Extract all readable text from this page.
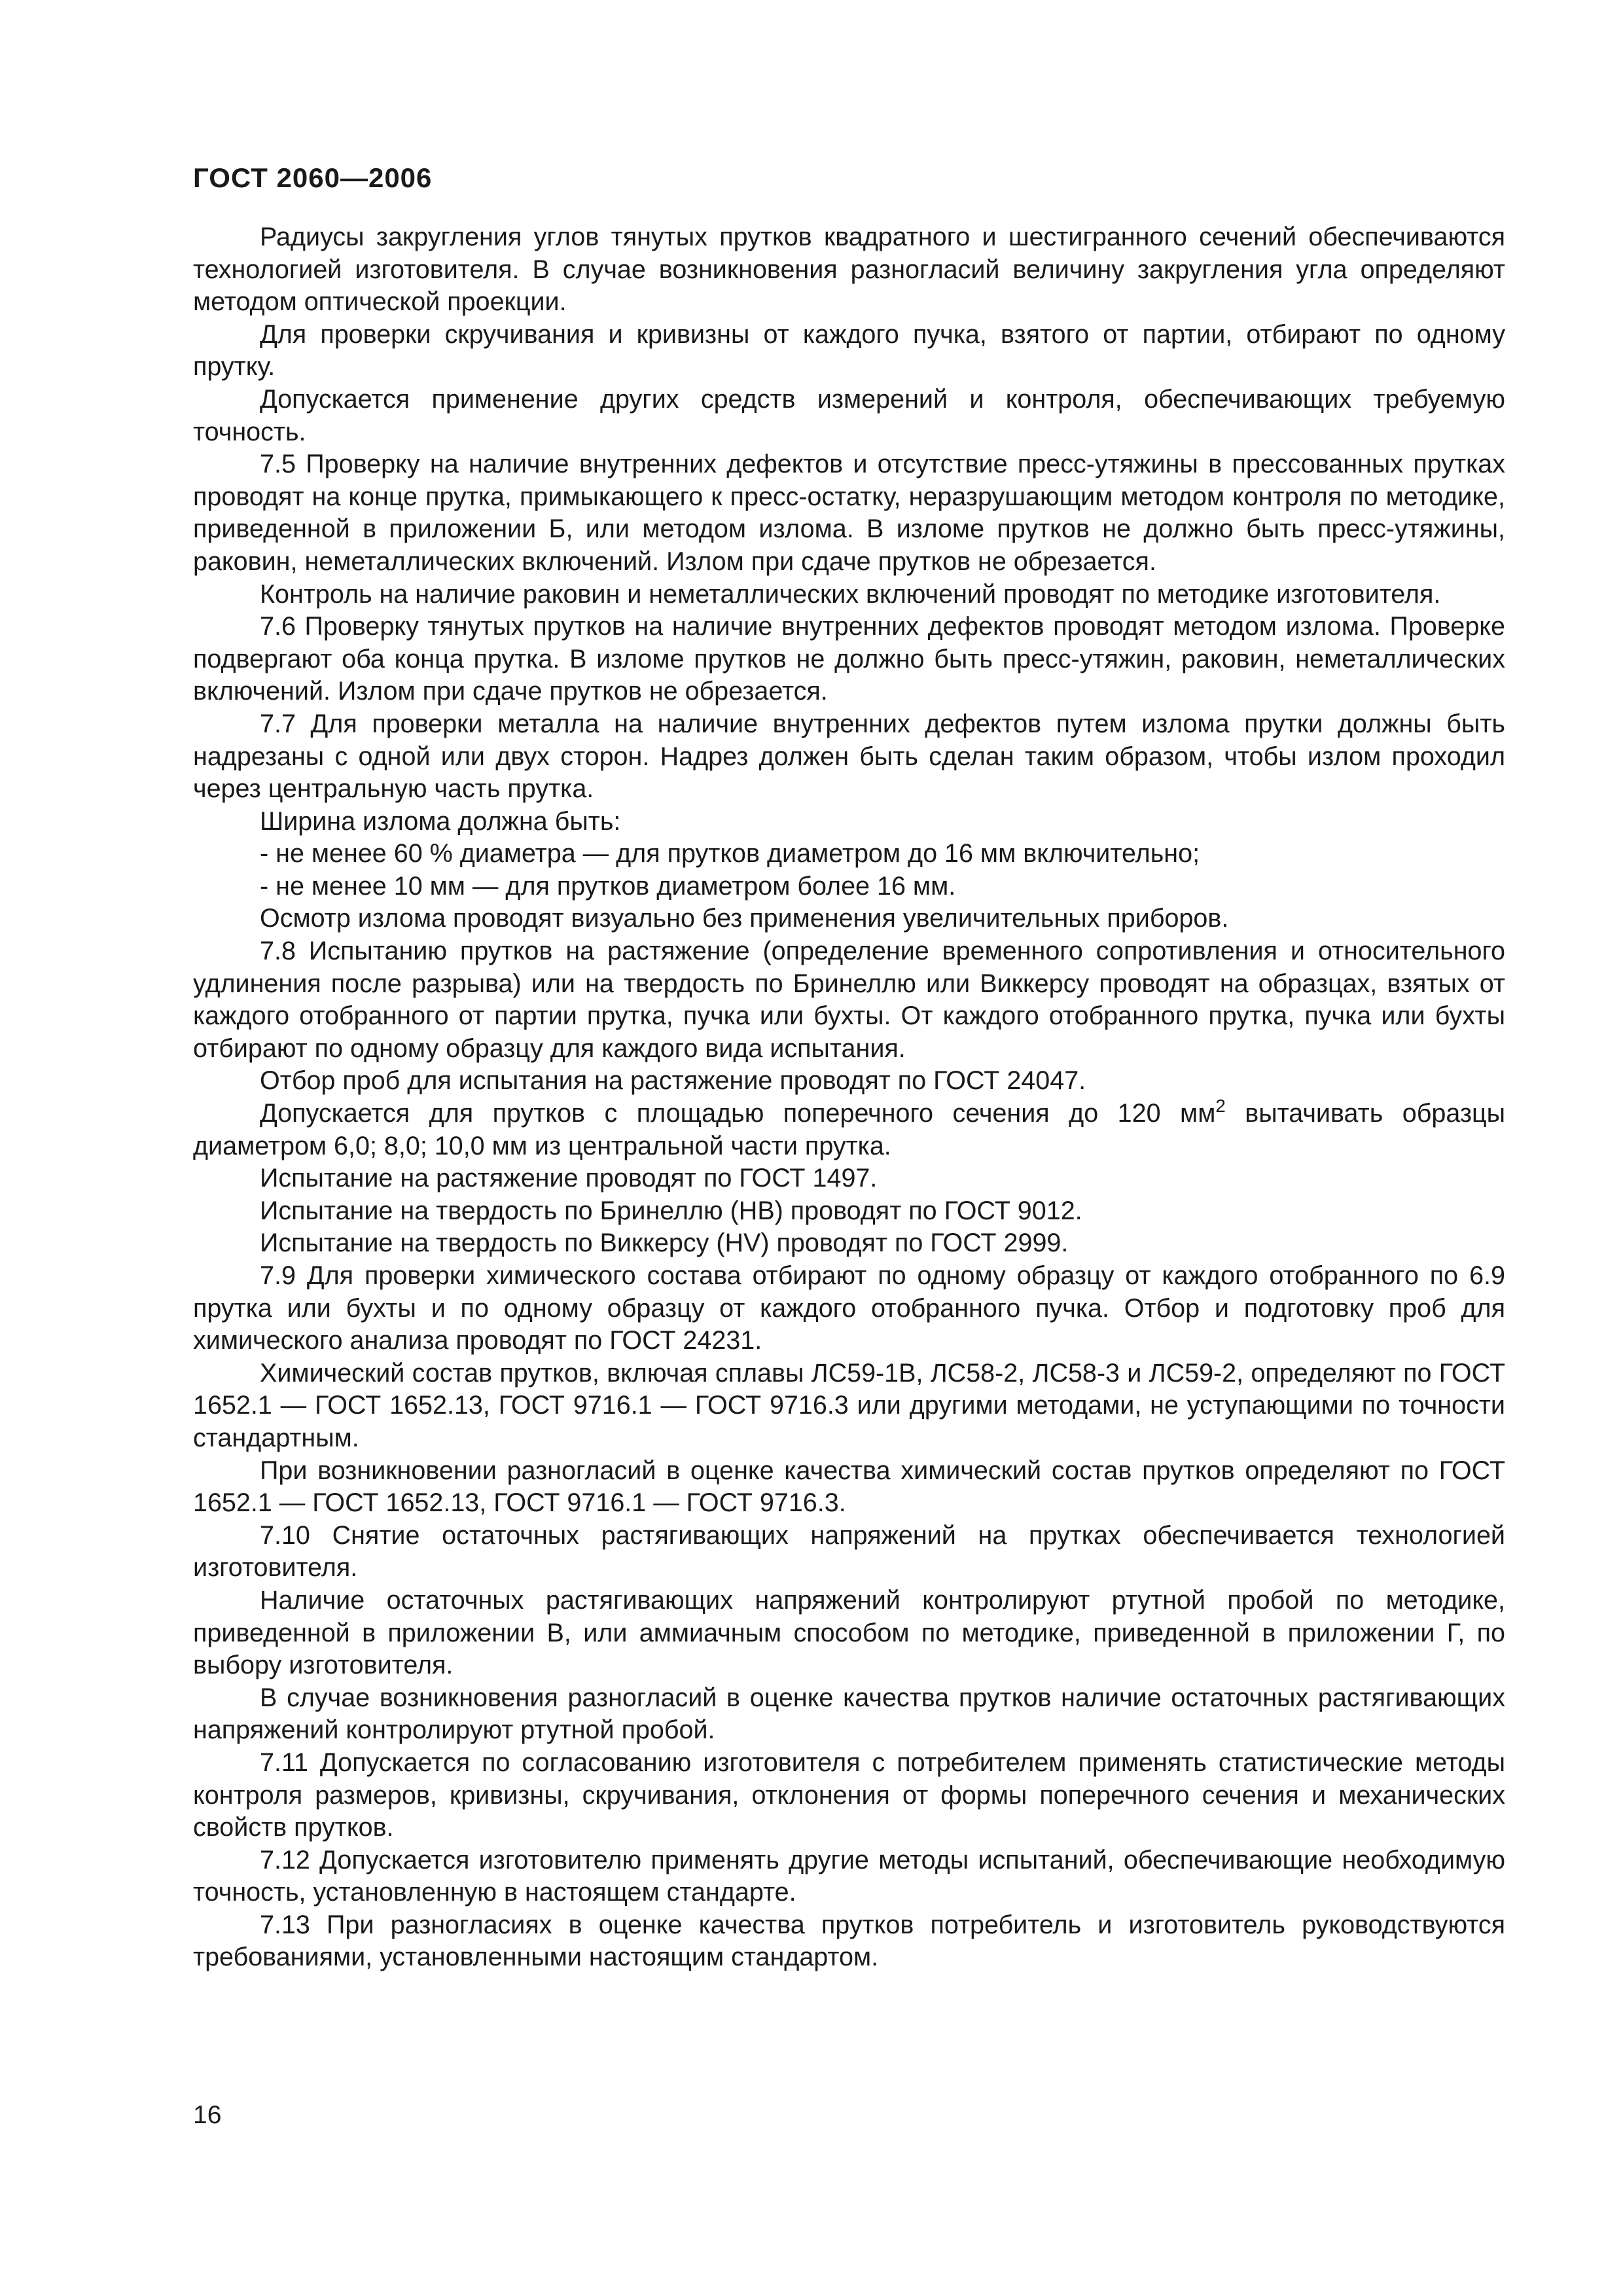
ГОСТ 2060—2006

Радиусы закругления углов тянутых прутков квадратного и шестигранного сечений обеспечиваются технологией изготовителя. В случае возникновения разногласий величину закругления угла определяют методом оптической проекции.

Для проверки скручивания и кривизны от каждого пучка, взятого от партии, отбирают по одному прутку.

Допускается применение других средств измерений и контроля, обеспечивающих требуемую точность.

7.5 Проверку на наличие внутренних дефектов и отсутствие пресс-утяжины в прессованных прутках проводят на конце прутка, примыкающего к пресс-остатку, неразрушающим методом контроля по методике, приведенной в приложении Б, или методом излома. В изломе прутков не должно быть пресс-утяжины, раковин, неметаллических включений. Излом при сдаче прутков не обрезается.

Контроль на наличие раковин и неметаллических включений проводят по методике изготовителя.

7.6 Проверку тянутых прутков на наличие внутренних дефектов проводят методом излома. Проверке подвергают оба конца прутка. В изломе прутков не должно быть пресс-утяжин, раковин, неметаллических включений. Излом при сдаче прутков не обрезается.

7.7 Для проверки металла на наличие внутренних дефектов путем излома прутки должны быть надрезаны с одной или двух сторон. Надрез должен быть сделан таким образом, чтобы излом проходил через центральную часть прутка.

Ширина излома должна быть:

- не менее 60 % диаметра — для прутков диаметром до 16 мм включительно;

- не менее 10 мм — для прутков диаметром более 16 мм.

Осмотр излома проводят визуально без применения увеличительных приборов.

7.8 Испытанию прутков на растяжение (определение временного сопротивления и относительного удлинения после разрыва) или на твердость по Бринеллю или Виккерсу проводят на образцах, взятых от каждого отобранного от партии прутка, пучка или бухты. От каждого отобранного прутка, пучка или бухты отбирают по одному образцу для каждого вида испытания.

Отбор проб для испытания на растяжение проводят по ГОСТ 24047.

Допускается для прутков с площадью поперечного сечения до 120 $мм^2$ вытачивать образцы диаметром 6,0; 8,0; 10,0 мм из центральной части прутка.

Испытание на растяжение проводят по ГОСТ 1497.

Испытание на твердость по Бринеллю (НВ) проводят по ГОСТ 9012.

Испытание на твердость по Виккерсу (HV) проводят по ГОСТ 2999.

7.9 Для проверки химического состава отбирают по одному образцу от каждого отобранного по 6.9 прутка или бухты и по одному образцу от каждого отобранного пучка. Отбор и подготовку проб для химического анализа проводят по ГОСТ 24231.

Химический состав прутков, включая сплавы ЛС59-1В, ЛС58-2, ЛС58-3 и ЛС59-2, определяют по ГОСТ 1652.1 — ГОСТ 1652.13, ГОСТ 9716.1 — ГОСТ 9716.3 или другими методами, не уступающими по точности стандартным.

При возникновении разногласий в оценке качества химический состав прутков определяют по ГОСТ 1652.1 — ГОСТ 1652.13, ГОСТ 9716.1 — ГОСТ 9716.3.

7.10 Снятие остаточных растягивающих напряжений на прутках обеспечивается технологией изготовителя.

Наличие остаточных растягивающих напряжений контролируют ртутной пробой по методике, приведенной в приложении В, или аммиачным способом по методике, приведенной в приложении Г, по выбору изготовителя.

В случае возникновения разногласий в оценке качества прутков наличие остаточных растягивающих напряжений контролируют ртутной пробой.

7.11 Допускается по согласованию изготовителя с потребителем применять статистические методы контроля размеров, кривизны, скручивания, отклонения от формы поперечного сечения и механических свойств прутков.

7.12 Допускается изготовителю применять другие методы испытаний, обеспечивающие необходимую точность, установленную в настоящем стандарте.

7.13 При разногласиях в оценке качества прутков потребитель и изготовитель руководствуются требованиями, установленными настоящим стандартом.

16
